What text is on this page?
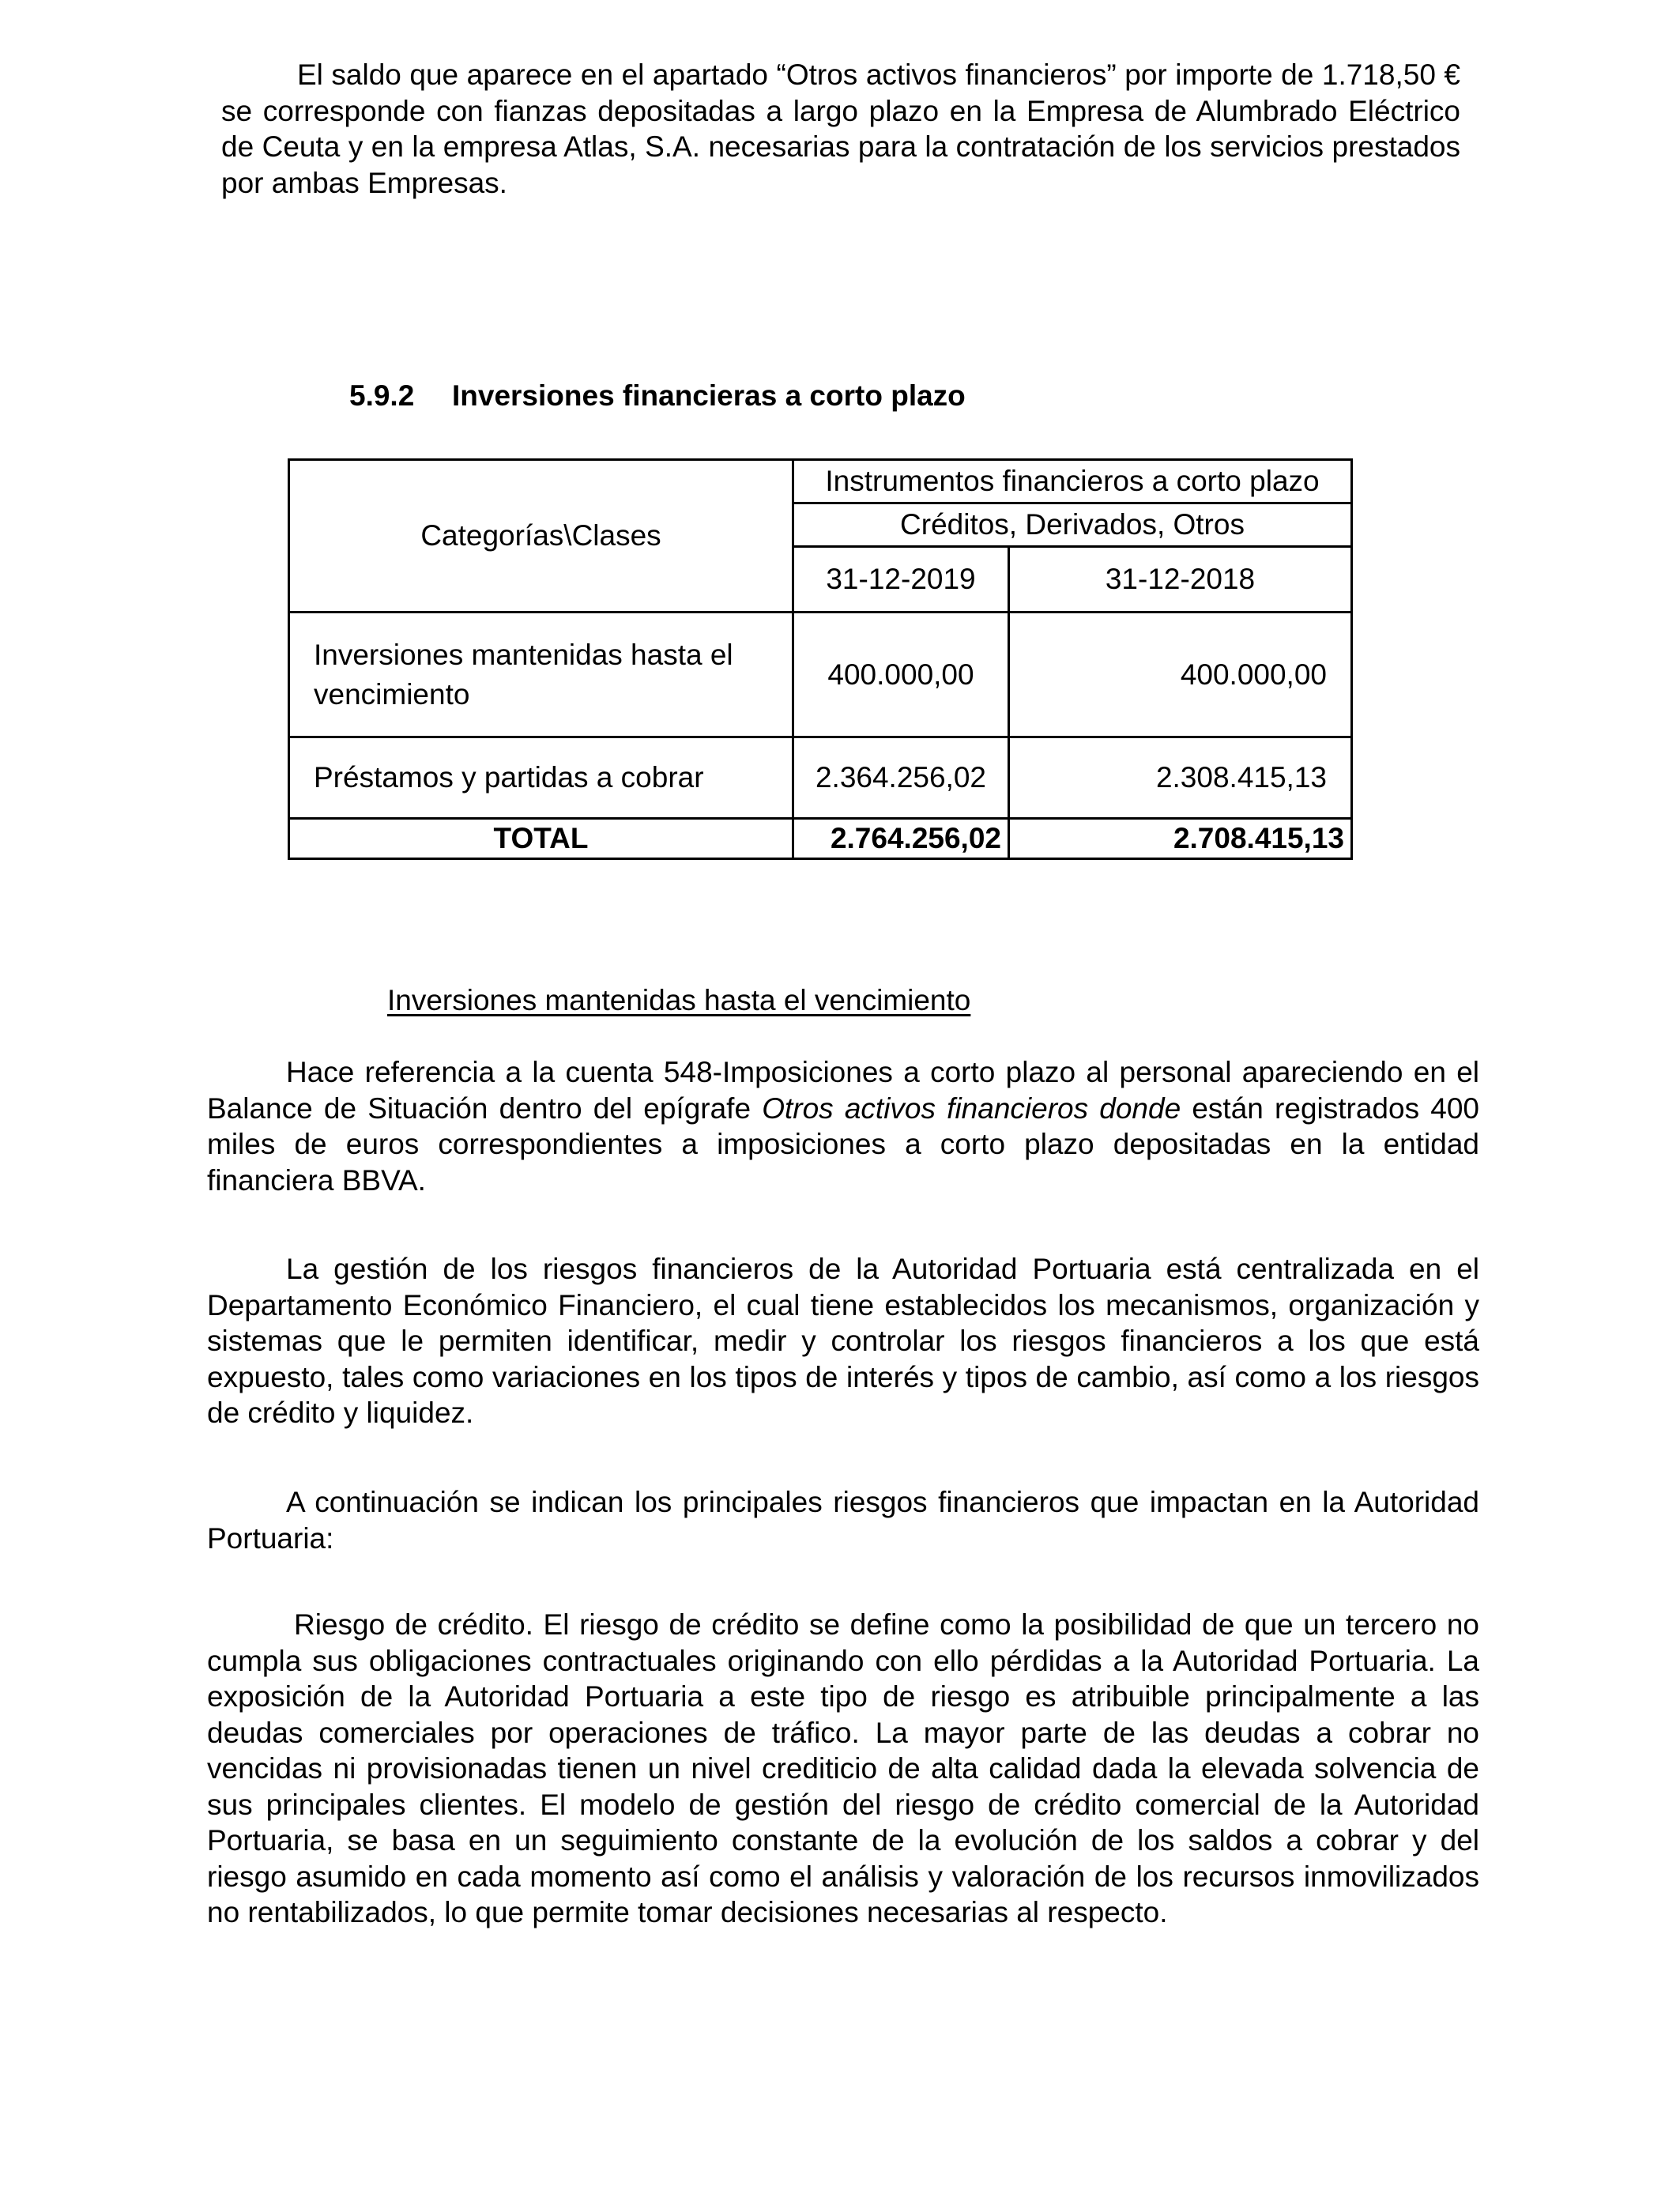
El saldo que aparece en el apartado “Otros activos financieros” por importe de 1.718,50 € se corresponde con fianzas depositadas a largo plazo en la Empresa de Alumbrado Eléctrico de Ceuta y en la empresa Atlas, S.A. necesarias para la contratación de los servicios prestados por ambas Empresas.

5.9.2 Inversiones financieras a corto plazo
Categorías\Clases	Instrumentos financieros a corto plazo	
	Créditos, Derivados, Otros	
	31-12-2019	31-12-2018
Inversiones mantenidas hasta el vencimiento	400.000,00	400.000,00
Préstamos y partidas a cobrar	2.364.256,02	2.308.415,13
TOTAL	2.764.256,02	2.708.415,13

Inversiones mantenidas hasta el vencimiento

Hace referencia a la cuenta 548-Imposiciones a corto plazo al personal apareciendo en el Balance de Situación dentro del epígrafe Otros activos financieros donde están registrados 400 miles de euros correspondientes a imposiciones a corto plazo depositadas en la entidad financiera BBVA.

La gestión de los riesgos financieros de la Autoridad Portuaria está centralizada en el Departamento Económico Financiero, el cual tiene establecidos los mecanismos, organización y sistemas que le permiten identificar, medir y controlar los riesgos financieros a los que está expuesto, tales como variaciones en los tipos de interés y tipos de cambio, así como a los riesgos de crédito y liquidez.

A continuación se indican los principales riesgos financieros que impactan en la Autoridad Portuaria:

Riesgo de crédito. El riesgo de crédito se define como la posibilidad de que un tercero no cumpla sus obligaciones contractuales originando con ello pérdidas a la Autoridad Portuaria. La exposición de la Autoridad Portuaria a este tipo de riesgo es atribuible principalmente a las deudas comerciales por operaciones de tráfico. La mayor parte de las deudas a cobrar no vencidas ni provisionadas tienen un nivel crediticio de alta calidad dada la elevada solvencia de sus principales clientes. El modelo de gestión del riesgo de crédito comercial de la Autoridad Portuaria, se basa en un seguimiento constante de la evolución de los saldos a cobrar y del riesgo asumido en cada momento así como el análisis y valoración de los recursos inmovilizados no rentabilizados, lo que permite tomar decisiones necesarias al respecto.
